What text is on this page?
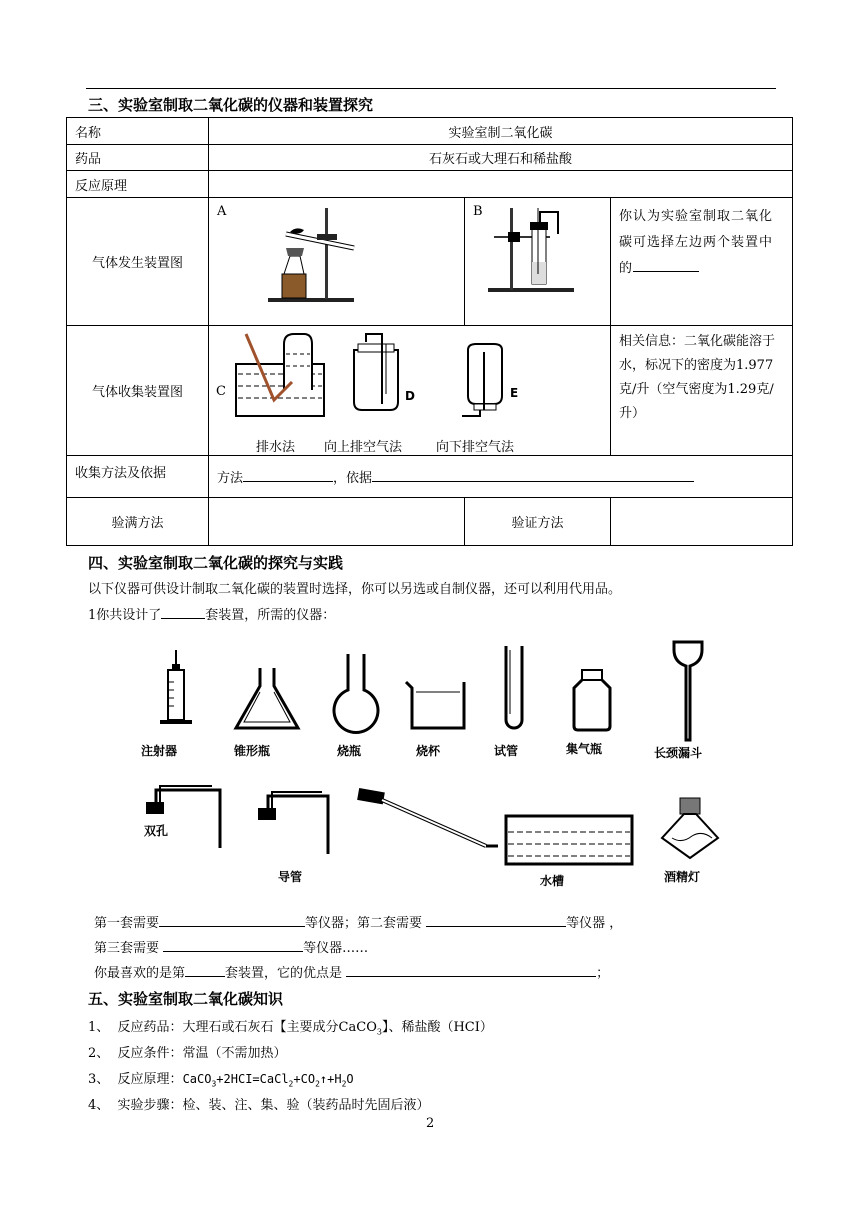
三、实验室制取二氧化碳的仪器和装置探究
名称	实验室制二氧化碳		
药品	石灰石或大理石和稀盐酸		
反应原理			
气体发生装置图	A	B	你认为实验室制取二氧化碳可选择左边两个装置中的
气体收集装置图			相关信息：二氧化碳能溶于水，标况下的密度为1.977克/升（空气密度为1.29克/升）
收集方法及依据	方法 ，依据		
验满方法		验证方法	
C	D	E
排水法 向上排空气法	向下排空气法
四、实验室制取二氧化碳的探究与实践
以下仪器可供设计制取二氧化碳的装置时选择，你可以另选或自制仪器，还可以利用代用品。
1你共设计了	套装置，所需的仪器：
注射器	锥形瓶	烧瓶	烧杯	试管	集气瓶	长颈漏斗
双孔
导管	水槽	酒精灯
第一套需要	等仪器；第二套需要	等仪器 ，
第三套需要	等仪器……
你最喜欢的是第	套装置，它的优点是	；
五、实验室制取二氧化碳知识
1、 反应药品：大理石或石灰石【主要成分CaCO$_3$】、稀盐酸（HCI）
2、 反应条件：常温（不需加热）
3、 反应原理：$CaCO_3+2HCI=CaCl_2+CO_2↑+H_2O$
4、 实验步骤：检、装、注、集、验（装药品时先固后液）
2
